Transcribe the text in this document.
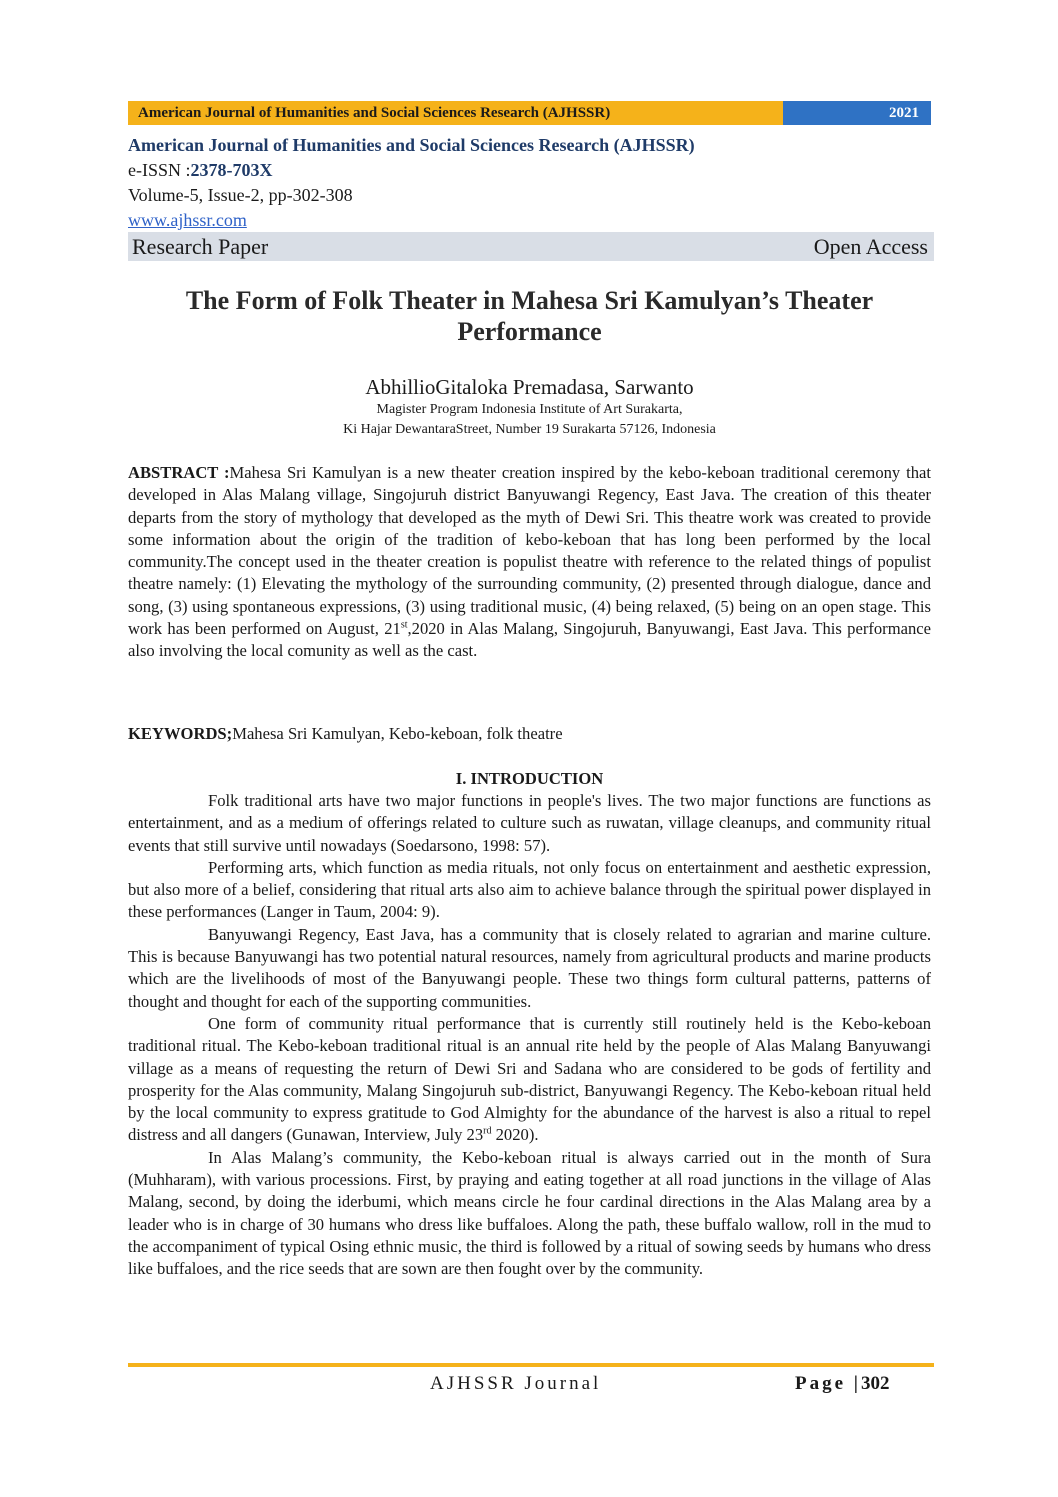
American Journal of Humanities and Social Sciences Research (AJHSSR)	2021
American Journal of Humanities and Social Sciences Research (AJHSSR)
e-ISSN :2378-703X
Volume-5, Issue-2, pp-302-308
www.ajhssr.com
Research Paper	Open Access
The Form of Folk Theater in Mahesa Sri Kamulyan’s Theater
Performance
AbhillioGitaloka Premadasa, Sarwanto
Magister Program Indonesia Institute of Art Surakarta,
Ki Hajar DewantaraStreet, Number 19 Surakarta 57126, Indonesia
ABSTRACT :Mahesa Sri Kamulyan is a new theater creation inspired by the kebo-keboan traditional ceremony that developed in Alas Malang village, Singojuruh district Banyuwangi Regency, East Java. The creation of this theater departs from the story of mythology that developed as the myth of Dewi Sri. This theatre work was created to provide some information about the origin of the tradition of kebo-keboan that has long been performed by the local community.The concept used in the theater creation is populist theatre with reference to the related things of populist theatre namely: (1) Elevating the mythology of the surrounding community, (2) presented through dialogue, dance and song, (3) using spontaneous expressions, (3) using traditional music, (4) being relaxed, (5) being on an open stage. This work has been performed on August, 21st,2020 in Alas Malang, Singojuruh, Banyuwangi, East Java. This performance also involving the local comunity as well as the cast.
KEYWORDS;Mahesa Sri Kamulyan, Kebo-keboan, folk theatre
I. INTRODUCTION

Folk traditional arts have two major functions in people's lives. The two major functions are functions as entertainment, and as a medium of offerings related to culture such as ruwatan, village cleanups, and community ritual events that still survive until nowadays (Soedarsono, 1998: 57).

Performing arts, which function as media rituals, not only focus on entertainment and aesthetic expression, but also more of a belief, considering that ritual arts also aim to achieve balance through the spiritual power displayed in these performances (Langer in Taum, 2004: 9).

Banyuwangi Regency, East Java, has a community that is closely related to agrarian and marine culture. This is because Banyuwangi has two potential natural resources, namely from agricultural products and marine products which are the livelihoods of most of the Banyuwangi people. These two things form cultural patterns, patterns of thought and thought for each of the supporting communities.

One form of community ritual performance that is currently still routinely held is the Kebo-keboan traditional ritual. The Kebo-keboan traditional ritual is an annual rite held by the people of Alas Malang Banyuwangi village as a means of requesting the return of Dewi Sri and Sadana who are considered to be gods of fertility and prosperity for the Alas community, Malang Singojuruh sub-district, Banyuwangi Regency. The Kebo-keboan ritual held by the local community to express gratitude to God Almighty for the abundance of the harvest is also a ritual to repel distress and all dangers (Gunawan, Interview, July 23rd 2020).

In Alas Malang’s community, the Kebo-keboan ritual is always carried out in the month of Sura (Muhharam), with various processions. First, by praying and eating together at all road junctions in the village of Alas Malang, second, by doing the iderbumi, which means circle he four cardinal directions in the Alas Malang area by a leader who is in charge of 30 humans who dress like buffaloes. Along the path, these buffalo wallow, roll in the mud to the accompaniment of typical Osing ethnic music, the third is followed by a ritual of sowing seeds by humans who dress like buffaloes, and the rice seeds that are sown are then fought over by the community.

AJHSSR Journal	Page |302
